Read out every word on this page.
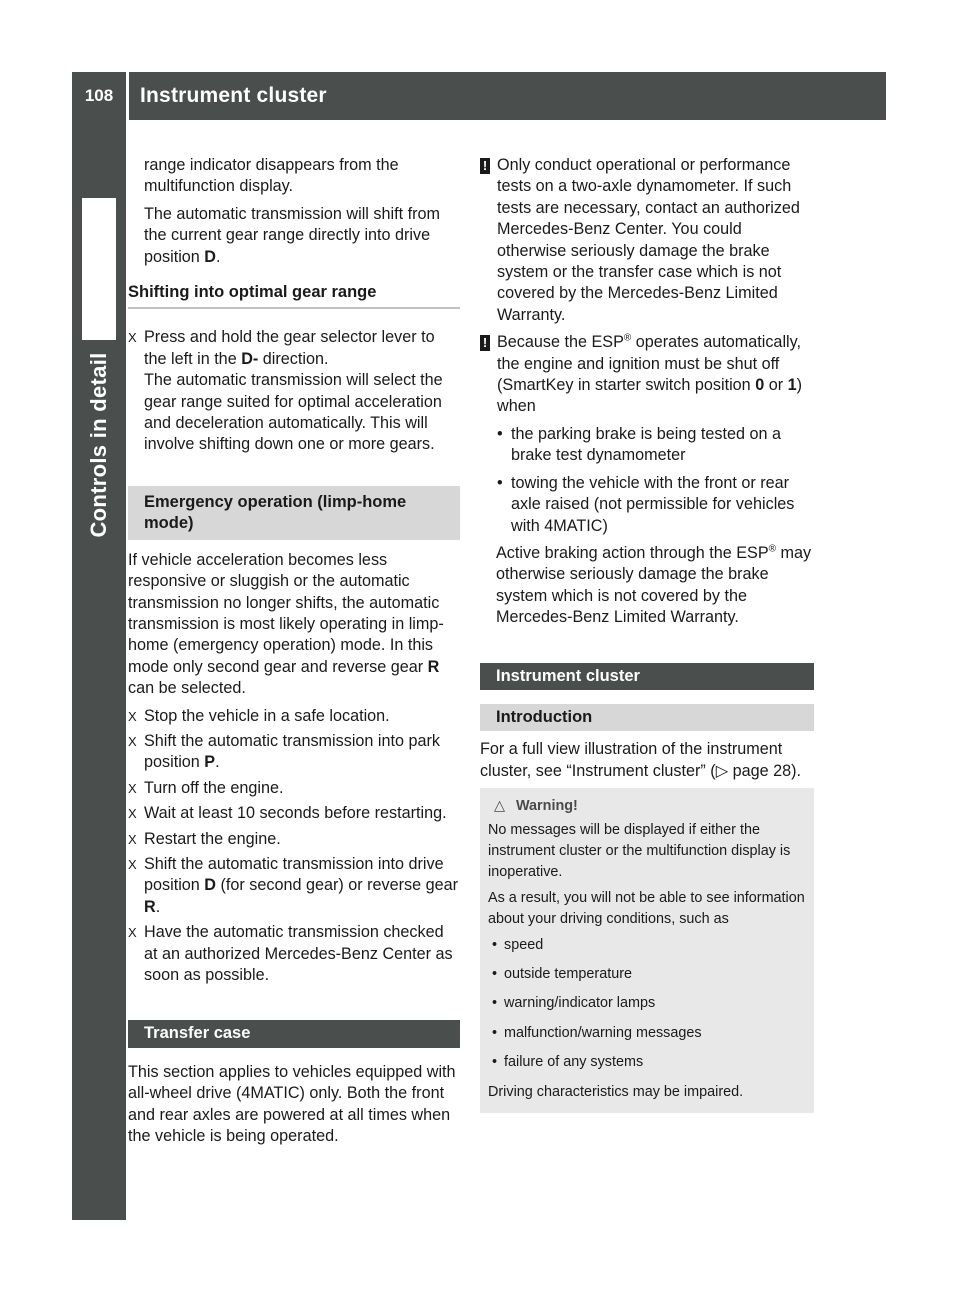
108	Instrument cluster
Controls in detail

range indicator disappears from the multifunction display.

The automatic transmission will shift from the current gear range directly into drive position D.

Shifting into optimal gear range
X Press and hold the gear selector lever to the left in the D- direction.
The automatic transmission will select the gear range suited for optimal acceleration and deceleration automatically. This will involve shifting down one or more gears.
Emergency operation (limp-home mode)

If vehicle acceleration becomes less responsive or sluggish or the automatic transmission no longer shifts, the automatic transmission is most likely operating in limp-home (emergency operation) mode. In this mode only second gear and reverse gear R can be selected.

X Stop the vehicle in a safe location.
X Shift the automatic transmission into park position P.
X Turn off the engine.
X Wait at least 10 seconds before restarting.
X Restart the engine.
X Shift the automatic transmission into drive position D (for second gear) or reverse gear R.
X Have the automatic transmission checked at an authorized Mercedes-Benz Center as soon as possible.
Transfer case

This section applies to vehicles equipped with all-wheel drive (4MATIC) only. Both the front and rear axles are powered at all times when the vehicle is being operated.

! Only conduct operational or performance tests on a two-axle dynamometer. If such tests are necessary, contact an authorized Mercedes-Benz Center. You could otherwise seriously damage the brake system or the transfer case which is not covered by the Mercedes-Benz Limited Warranty.
! Because the ESP® operates automatically, the engine and ignition must be shut off (SmartKey in starter switch position 0 or 1) when
• the parking brake is being tested on a brake test dynamometer
• towing the vehicle with the front or rear axle raised (not permissible for vehicles with 4MATIC)

Active braking action through the ESP® may otherwise seriously damage the brake system which is not covered by the Mercedes-Benz Limited Warranty.

Instrument cluster
Introduction

For a full view illustration of the instrument cluster, see “Instrument cluster” (▷ page 28).

△ Warning!

No messages will be displayed if either the instrument cluster or the multifunction display is inoperative.

As a result, you will not be able to see information about your driving conditions, such as

• speed
• outside temperature
• warning/indicator lamps
• malfunction/warning messages
• failure of any systems

Driving characteristics may be impaired.
